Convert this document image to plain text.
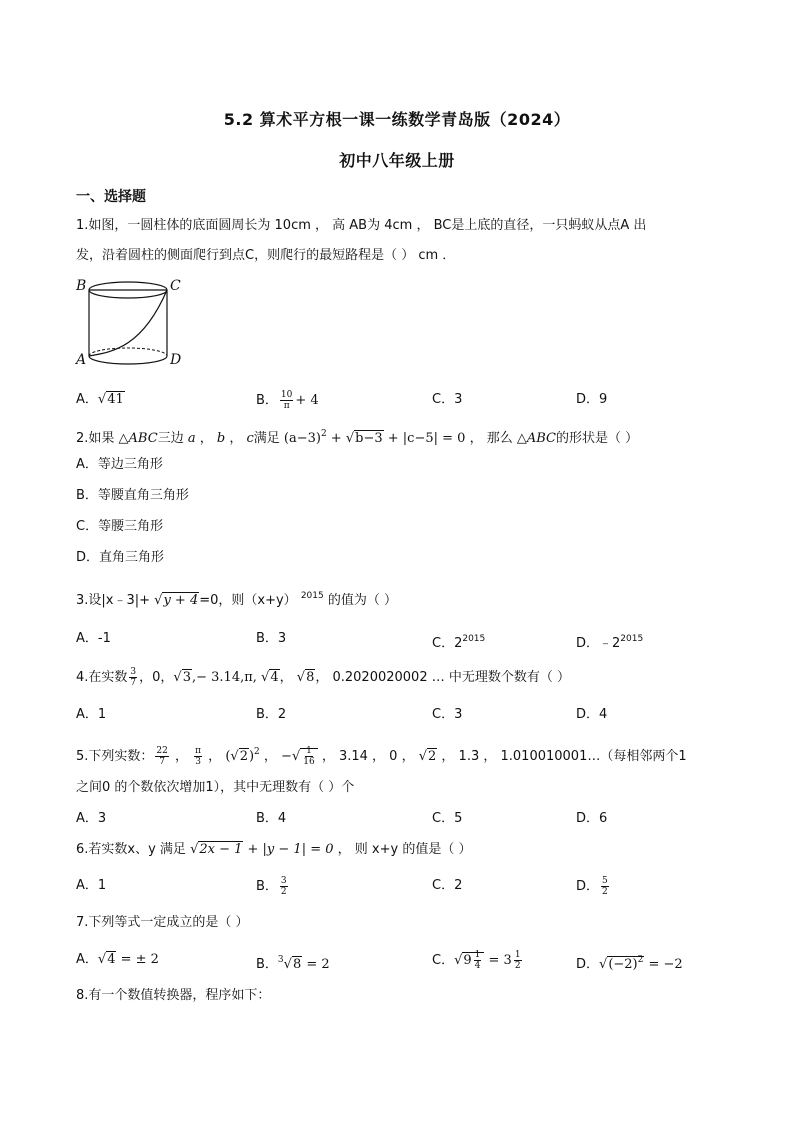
5.2 算术平方根一课一练数学青岛版（2024）
初中八年级上册
一、选择题
1.如图，一圆柱体的底面圆周长为 10cm ， 高 AB为 4cm ， BC是上底的直径，一只蚂蚁从点A 出
发，沿着圆柱的侧面爬行到点C，则爬行的最短路程是（ ） cm ．
B	C
A	D
A．√41	B． $\frac{10}{\pi} + 4$	C．3	D．9
2.如果 △ABC三边 a ， b ， c满足 $(a-3)^2 + √b-3 + |c-5| = 0$ ， 那么 △ABC的形状是（ ）
A．等边三角形
B．等腰直角三角形
C．等腰三角形
D．直角三角形
3.设|x﹣3|+ √y + 4=0，则（x+y） $^{2015}$ 的值为（ ）
A．-1	B．3	C．$2^{2015}$	D．$﹣2^{2015}$
4.在实数 $\frac{3}{7}$ ，0，√3,− 3.14,π, √4， √8， 0.2020020002 … 中无理数个数有（ ）
A．1	B．2	C．3	D．4
5.下列实数： $\frac{22}{7}$ ， $\frac{\pi}{3}$ ， $(√2)^2$ ， −√ $\frac{1}{16}$ ， 3.14 ， 0 ， √2 ， 1.3̇ ， 1.010010001…（每相邻两个1
之间0 的个数依次增加1），其中无理数有（ ）个
A．3	B．4	C．5	D．6
6.若实数x、y 满足 √2x − 1 + |y − 1| = 0 ， 则 x+y 的值是（ ）
A．1	B． $\frac{3}{2}$	C．2	D． $\frac{5}{2}$
7.下列等式一定成立的是（ ）
A．√4 = ± 2	B．$^3$√8 = 2	C．$√9 \frac{1}{4} = 3 \frac{1}{2}$	D．$√(-2)^2 = -2$
8.有一个数值转换器，程序如下：
